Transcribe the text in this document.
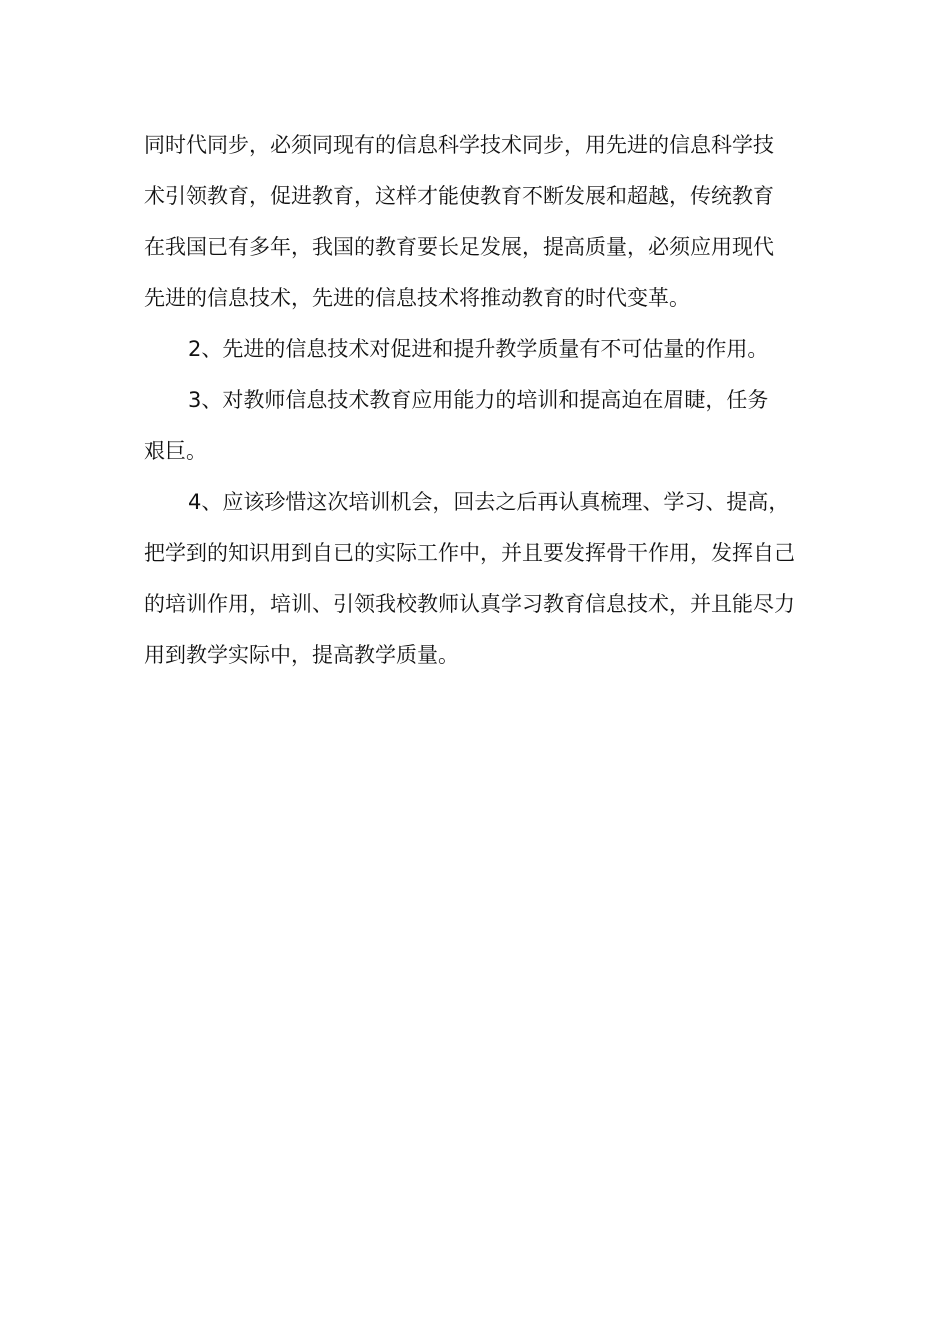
同时代同步，必须同现有的信息科学技术同步，用先进的信息科学技
术引领教育，促进教育，这样才能使教育不断发展和超越，传统教育
在我国已有多年，我国的教育要长足发展，提高质量，必须应用现代
先进的信息技术，先进的信息技术将推动教育的时代变革。
2、先进的信息技术对促进和提升教学质量有不可估量的作用。
3、对教师信息技术教育应用能力的培训和提高迫在眉睫，任务
艰巨。
4、应该珍惜这次培训机会，回去之后再认真梳理、学习、提高，
把学到的知识用到自已的实际工作中，并且要发挥骨干作用，发挥自己
的培训作用，培训、引领我校教师认真学习教育信息技术，并且能尽力
用到教学实际中，提高教学质量。
